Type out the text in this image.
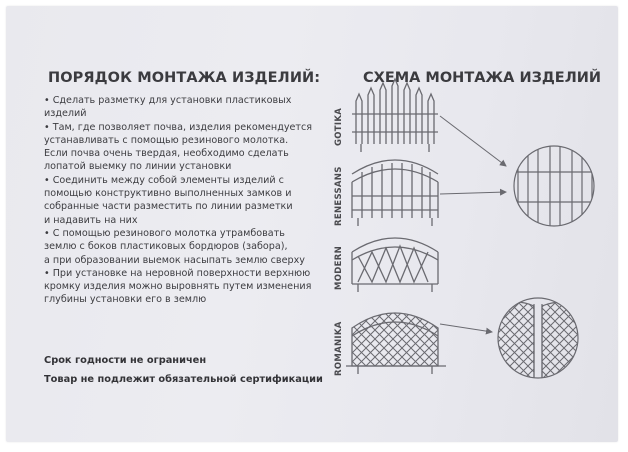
ПОРЯДОК МОНТАЖА ИЗДЕЛИЙ:

• Сделать разметку для установки пластиковых

изделий

• Там, где позволяет почва, изделия рекомендуется

устанавливать с помощью резинового молотка.

Если почва очень твердая, необходимо сделать

лопатой выемку по линии установки

• Соединить между собой элементы изделий с

помощью конструктивно выполненных замков и

собранные части разместить по линии разметки

и надавить на них

• С помощью резинового молотка утрамбовать

землю с боков пластиковых бордюров (забора),

а при образовании выемок насыпать землю сверху

• При установке на неровной поверхности верхнюю

кромку изделия можно выровнять путем изменения

глубины установки его в землю

Срок годности не ограничен
Товар не подлежит обязательной сертификации
СХЕМА МОНТАЖА ИЗДЕЛИЙ
GOTIKA
RENESSANS
MODERN
ROMANIKA
